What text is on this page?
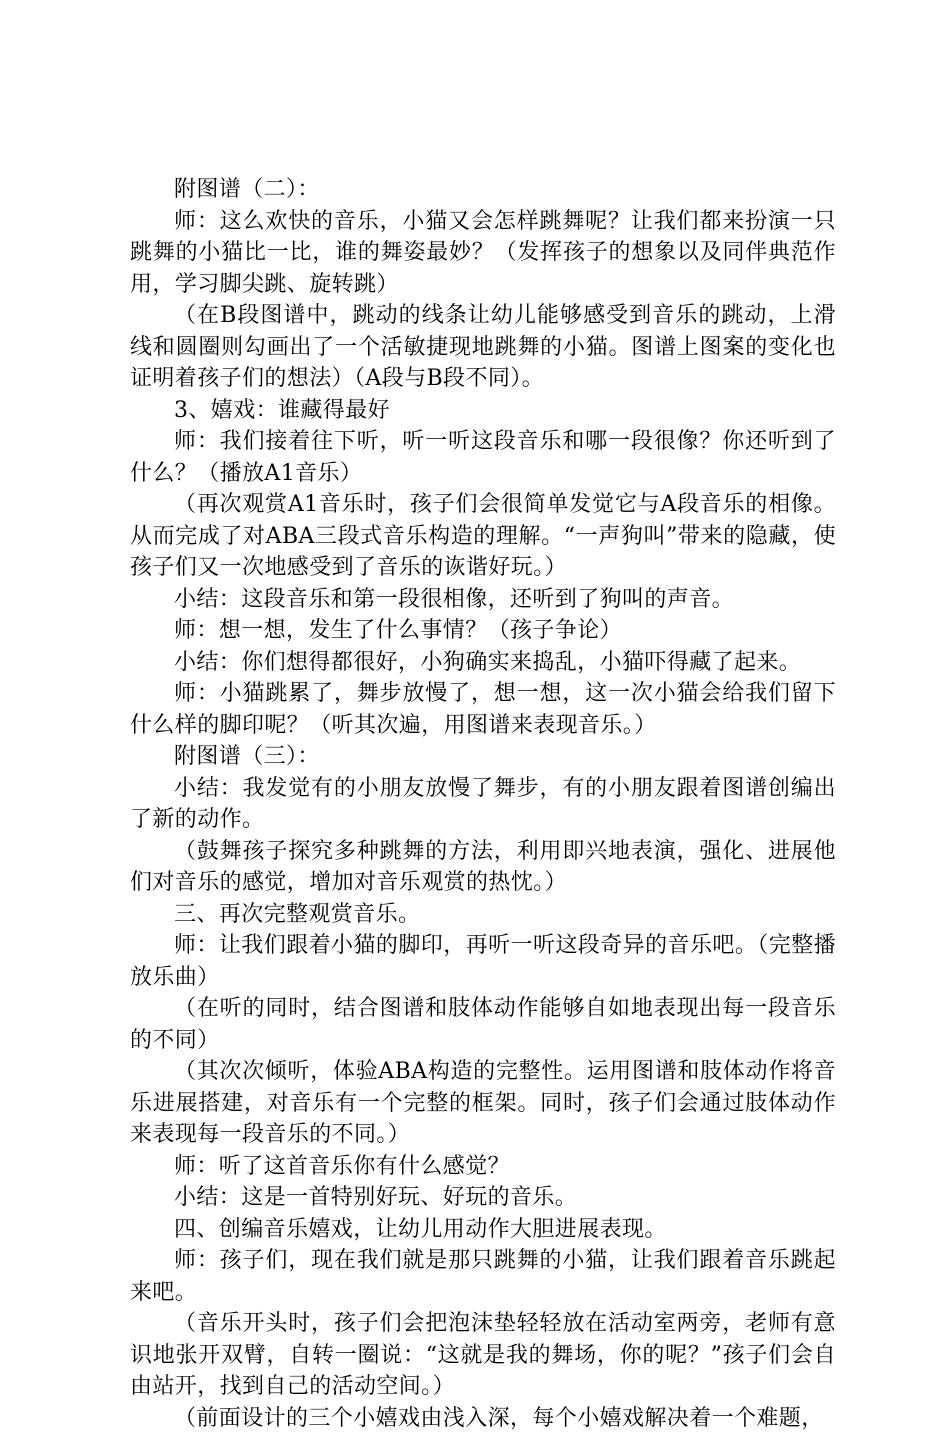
附图谱（二）：

师：这么欢快的音乐，小猫又会怎样跳舞呢？让我们都来扮演一只跳舞的小猫比一比，谁的舞姿最妙？（发挥孩子的想象以及同伴典范作用，学习脚尖跳、旋转跳）

（在B段图谱中，跳动的线条让幼儿能够感受到音乐的跳动，上滑线和圆圈则勾画出了一个活敏捷现地跳舞的小猫。图谱上图案的变化也证明着孩子们的想法）（A段与B段不同）。

3、嬉戏：谁藏得最好

师：我们接着往下听，听一听这段音乐和哪一段很像？你还听到了什么？（播放A1音乐）

（再次观赏A1音乐时，孩子们会很简单发觉它与A段音乐的相像。从而完成了对ABA三段式音乐构造的理解。“一声狗叫”带来的隐藏，使孩子们又一次地感受到了音乐的诙谐好玩。）

小结：这段音乐和第一段很相像，还听到了狗叫的声音。

师：想一想，发生了什么事情？（孩子争论）

小结：你们想得都很好，小狗确实来捣乱，小猫吓得藏了起来。

师：小猫跳累了，舞步放慢了，想一想，这一次小猫会给我们留下什么样的脚印呢？（听其次遍，用图谱来表现音乐。）

附图谱（三）：

小结：我发觉有的小朋友放慢了舞步，有的小朋友跟着图谱创编出了新的动作。

（鼓舞孩子探究多种跳舞的方法，利用即兴地表演，强化、进展他们对音乐的感觉，增加对音乐观赏的热忱。）

三、再次完整观赏音乐。

师：让我们跟着小猫的脚印，再听一听这段奇异的音乐吧。（完整播放乐曲）

（在听的同时，结合图谱和肢体动作能够自如地表现出每一段音乐的不同）

（其次次倾听，体验ABA构造的完整性。运用图谱和肢体动作将音乐进展搭建，对音乐有一个完整的框架。同时，孩子们会通过肢体动作来表现每一段音乐的不同。）

师：听了这首音乐你有什么感觉？

小结：这是一首特别好玩、好玩的音乐。

四、创编音乐嬉戏，让幼儿用动作大胆进展表现。

师：孩子们，现在我们就是那只跳舞的小猫，让我们跟着音乐跳起来吧。

（音乐开头时，孩子们会把泡沫垫轻轻放在活动室两旁，老师有意识地张开双臂，自转一圈说：“这就是我的舞场，你的呢？”孩子们会自由站开，找到自己的活动空间。）

（前面设计的三个小嬉戏由浅入深，每个小嬉戏解决着一个难题，
